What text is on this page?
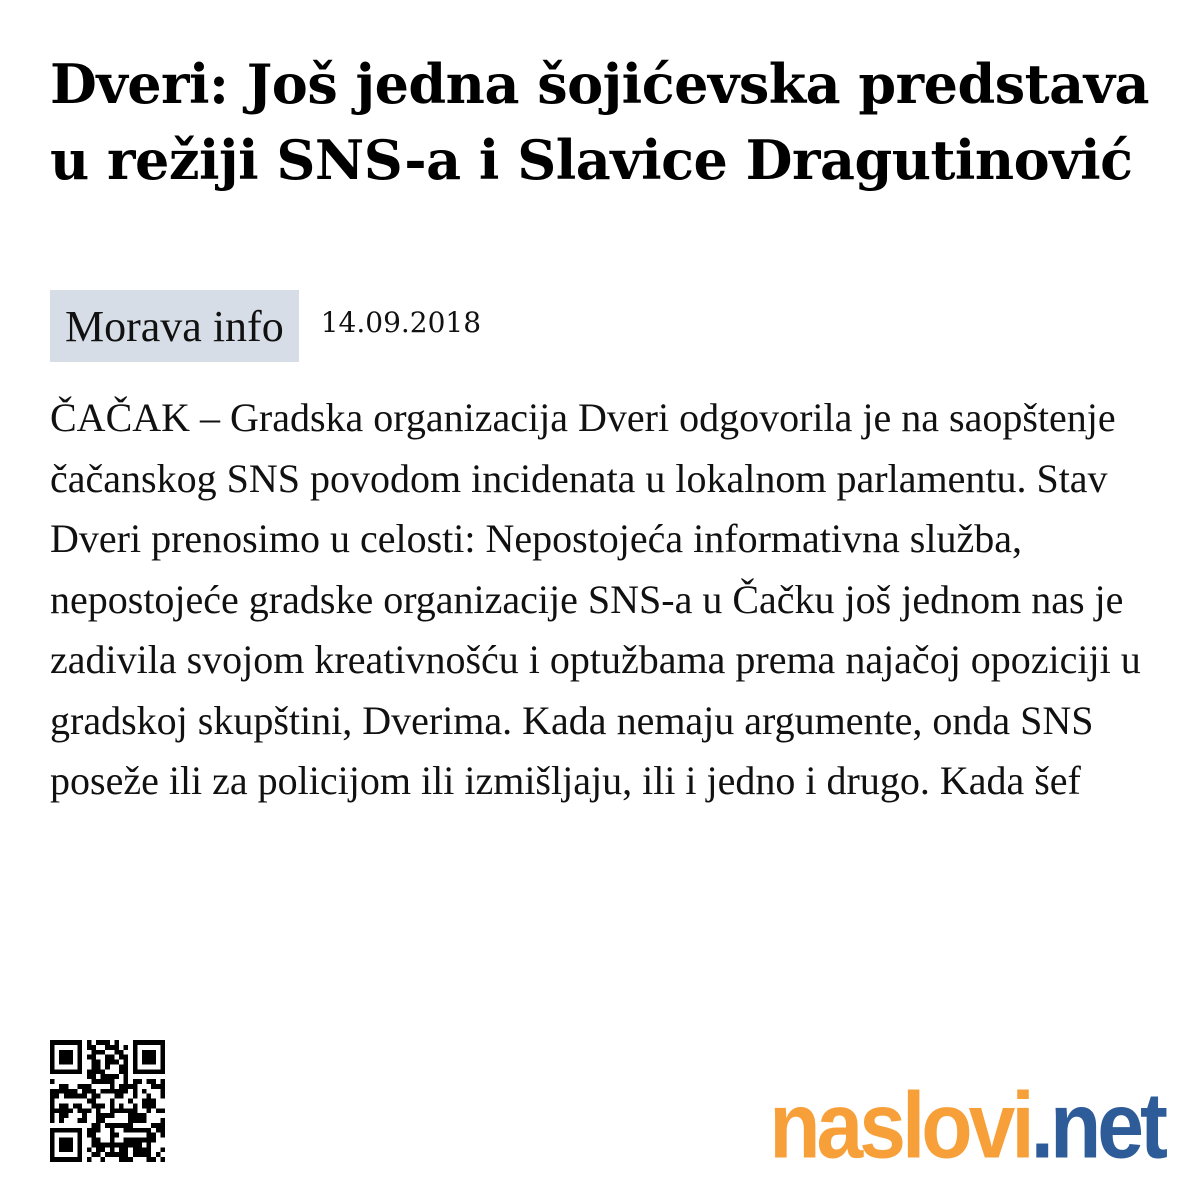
Dveri: Još jedna šojićevska predstava u režiji SNS-a i Slavice Dragutinović
Morava info	14.09.2018

ČAČAK – Gradska organizacija Dveri odgovorila je na saopštenje čačanskog SNS povodom incidenata u lokalnom parlamentu. Stav Dveri prenosimo u celosti: Nepostojeća informativna služba, nepostojeće gradske organizacije SNS-a u Čačku još jednom nas je zadivila svojom kreativnošću i optužbama prema najačoj opoziciji u gradskoj skupštini, Dverima. Kada nemaju argumente, onda SNS poseže ili za policijom ili izmišljaju, ili i jedno i drugo. Kada šef

naslovi .net
